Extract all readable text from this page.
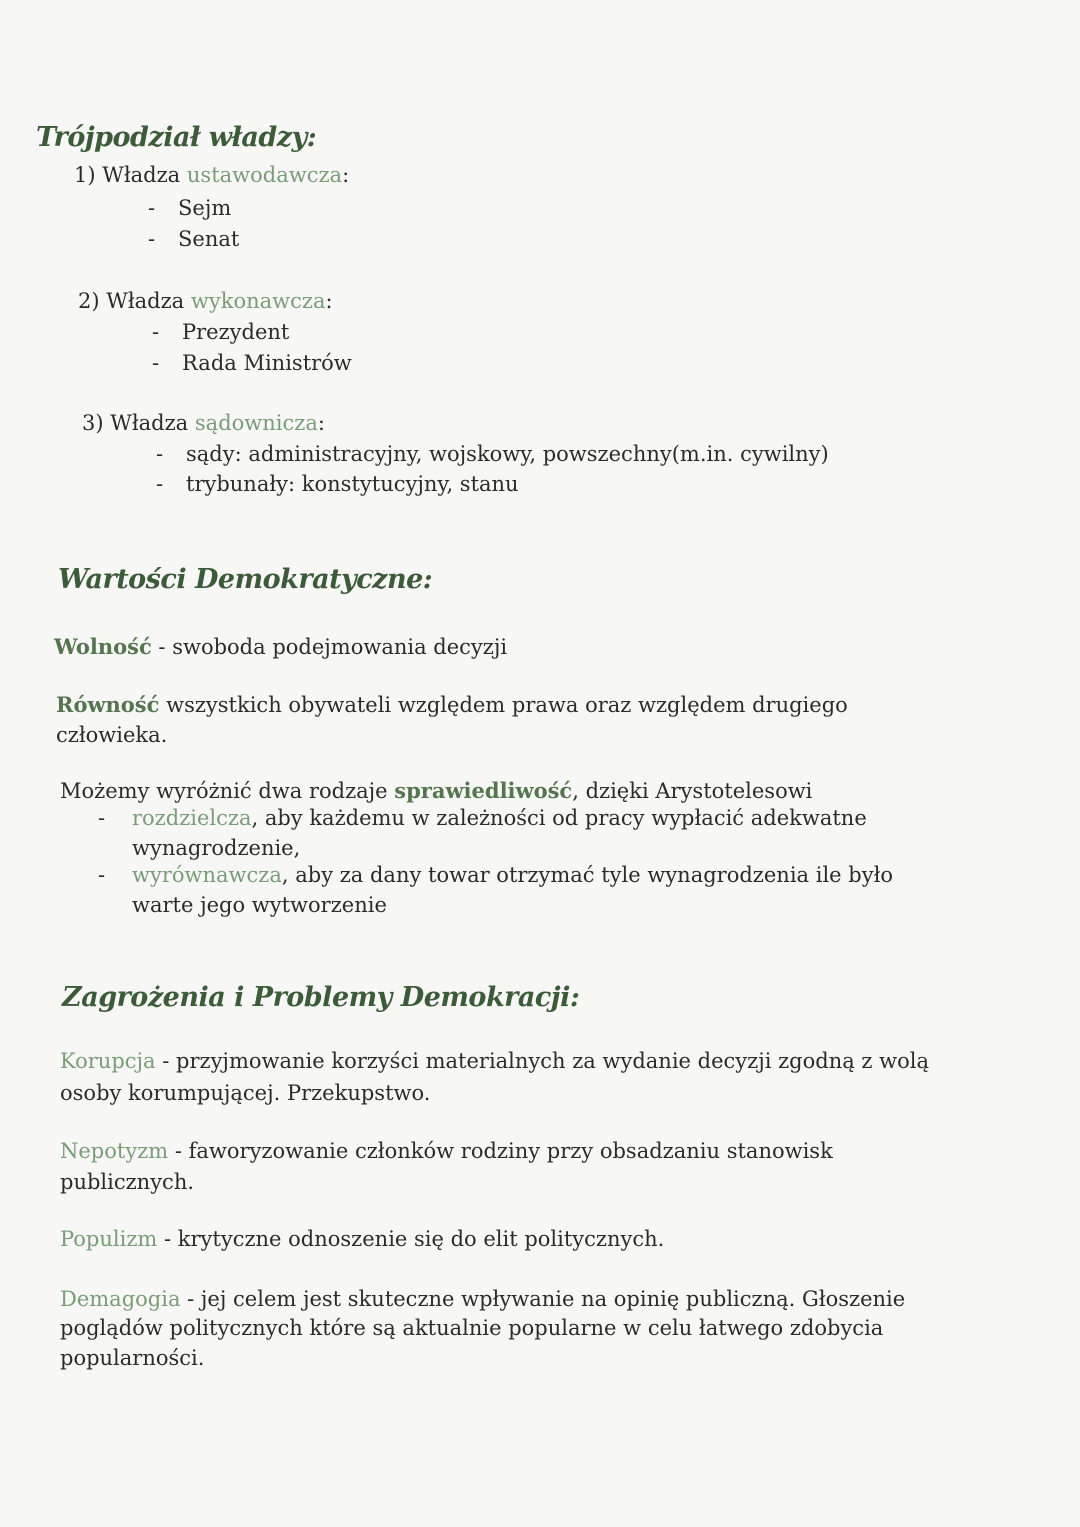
Trójpodział władzy:
1) Władza ustawodawcza:
- Sejm
- Senat
2) Władza wykonawcza:
- Prezydent
- Rada Ministrów
3) Władza sądownicza:
- sądy: administracyjny, wojskowy, powszechny(m.in. cywilny)
- trybunały: konstytucyjny, stanu
Wartości Demokratyczne:
Wolność - swoboda podejmowania decyzji
Równość wszystkich obywateli względem prawa oraz względem drugiego
człowieka.
Możemy wyróżnić dwa rodzaje sprawiedliwość, dzięki Arystotelesowi
- rozdzielcza, aby każdemu w zależności od pracy wypłacić adekwatne
wynagrodzenie,
- wyrównawcza, aby za dany towar otrzymać tyle wynagrodzenia ile było
warte jego wytworzenie
Zagrożenia i Problemy Demokracji:
Korupcja - przyjmowanie korzyści materialnych za wydanie decyzji zgodną z wolą
osoby korumpującej. Przekupstwo.
Nepotyzm - faworyzowanie członków rodziny przy obsadzaniu stanowisk
publicznych.
Populizm - krytyczne odnoszenie się do elit politycznych.
Demagogia - jej celem jest skuteczne wpływanie na opinię publiczną. Głoszenie
poglądów politycznych które są aktualnie popularne w celu łatwego zdobycia
popularności.
